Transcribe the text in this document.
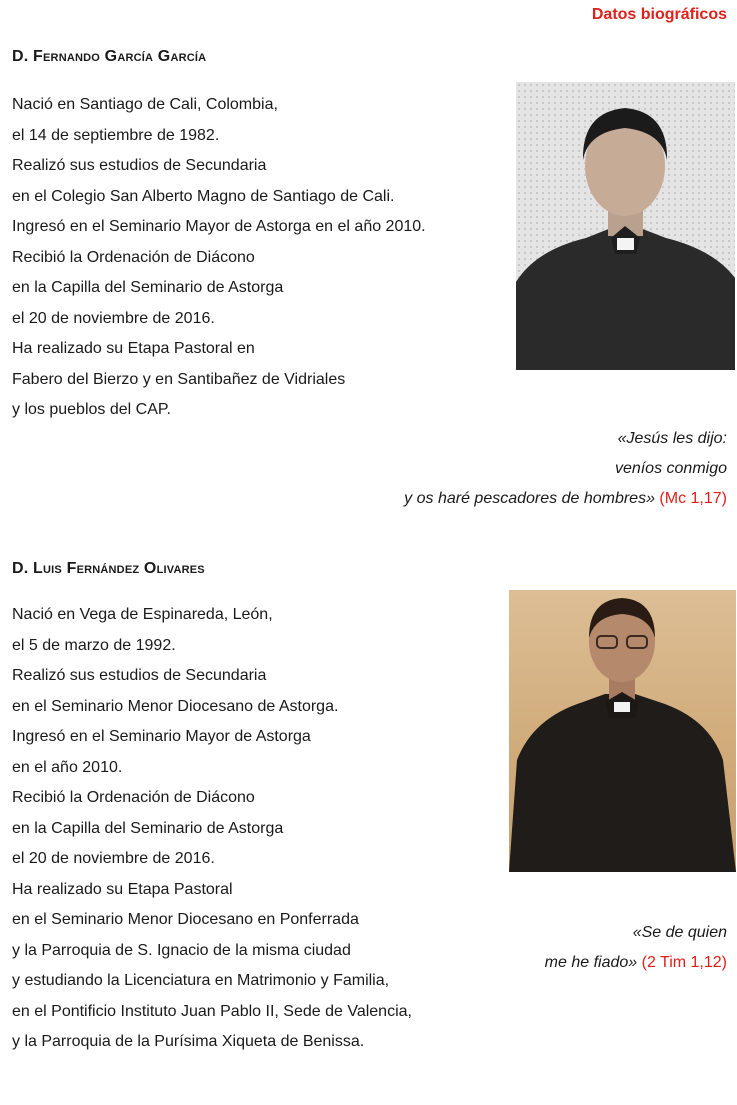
Datos biográficos
D. Fernando García García
Nació en Santiago de Cali, Colombia,
el 14 de septiembre de 1982.
Realizó sus estudios de Secundaria
en el Colegio San Alberto Magno de Santiago de Cali.
Ingresó en el Seminario Mayor de Astorga en el año 2010.
Recibió la Ordenación de Diácono
en la Capilla del Seminario de Astorga
el 20 de noviembre de 2016.
Ha realizado su Etapa Pastoral en
Fabero del Bierzo y en Santibañez de Vidriales
y los pueblos del CAP.
«Jesús les dijo:
veníos conmigo
y os haré pescadores de hombres» (Mc 1,17)
D. Luis Fernández Olivares
Nació en Vega de Espinareda, León,
el 5 de marzo de 1992.
Realizó sus estudios de Secundaria
en el Seminario Menor Diocesano de Astorga.
Ingresó en el Seminario Mayor de Astorga
en el año 2010.
Recibió la Ordenación de Diácono
en la Capilla del Seminario de Astorga
el 20 de noviembre de 2016.
Ha realizado su Etapa Pastoral
en el Seminario Menor Diocesano en Ponferrada
y la Parroquia de S. Ignacio de la misma ciudad
y estudiando la Licenciatura en Matrimonio y Familia,
en el Pontificio Instituto Juan Pablo II, Sede de Valencia,
y la Parroquia de la Purísima Xiqueta de Benissa.
«Se de quien
me he fiado» (2 Tim 1,12)
